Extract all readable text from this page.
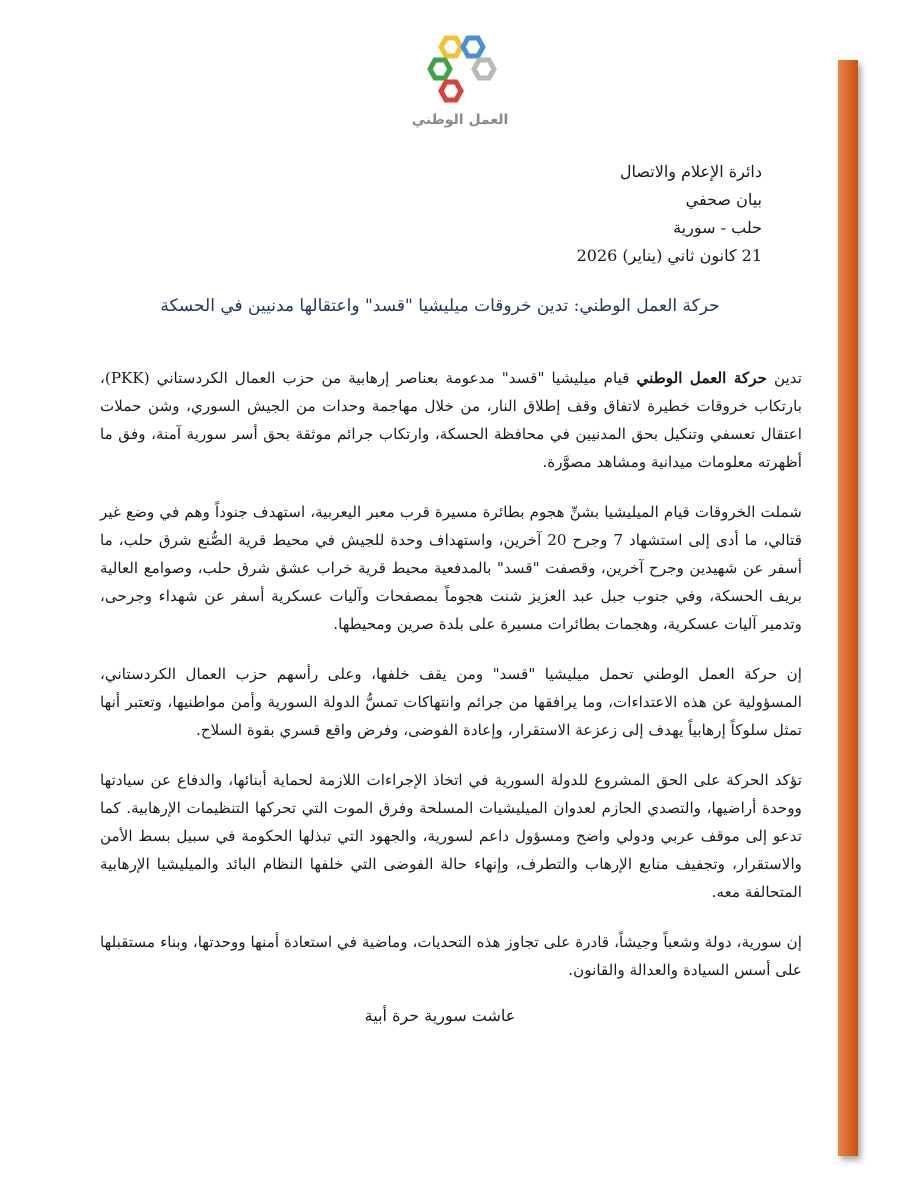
العمل الوطني
دائرة الإعلام والاتصال
بيان صحفي
حلب - سورية
21 كانون ثاني (يناير) 2026
حركة العمل الوطني: تدين خروقات ميليشيا "قسد" واعتقالها مدنيين في الحسكة

تدين حركة العمل الوطني قيام ميليشيا "قسد" مدعومة بعناصر إرهابية من حزب العمال الكردستاني (PKK)، بارتكاب خروقات خطيرة لاتفاق وقف إطلاق النار، من خلال مهاجمة وحدات من الجيش السوري، وشن حملات اعتقال تعسفي وتنكيل بحق المدنيين في محافظة الحسكة، وارتكاب جرائم موثقة بحق أسر سورية آمنة، وفق ما أظهرته معلومات ميدانية ومشاهد مصوَّرة.

شملت الخروقات قيام الميليشيا بشنِّ هجوم بطائرة مسيرة قرب معبر اليعربية، استهدف جنوداً وهم في وضع غير قتالي، ما أدى إلى استشهاد 7 وجرح 20 آخرين، واستهداف وحدة للجيش في محيط قرية الصُّنع شرق حلب، ما أسفر عن شهيدين وجرح آخرين، وقصفت "قسد" بالمدفعية محيط قرية خراب عشق شرق حلب، وصوامع العالية بريف الحسكة، وفي جنوب جبل عبد العزيز شنت هجوماً بمصفحات وآليات عسكرية أسفر عن شهداء وجرحى، وتدمير آليات عسكرية، وهجمات بطائرات مسيرة على بلدة صرين ومحيطها.

إن حركة العمل الوطني تحمل ميليشيا "قسد" ومن يقف خلفها، وعلى رأسهم حزب العمال الكردستاني، المسؤولية عن هذه الاعتداءات، وما يرافقها من جرائم وانتهاكات تمسُّ الدولة السورية وأمن مواطنيها، وتعتبر أنها تمثل سلوكاً إرهابياً يهدف إلى زعزعة الاستقرار، وإعادة الفوضى، وفرض واقع قسري بقوة السلاح.

تؤكد الحركة على الحق المشروع للدولة السورية في اتخاذ الإجراءات اللازمة لحماية أبنائها، والدفاع عن سيادتها ووحدة أراضيها، والتصدي الحازم لعدوان الميليشيات المسلحة وفرق الموت التي تحركها التنظيمات الإرهابية. كما تدعو إلى موقف عربي ودولي واضح ومسؤول داعم لسورية، والجهود التي تبذلها الحكومة في سبيل بسط الأمن والاستقرار، وتجفيف منابع الإرهاب والتطرف، وإنهاء حالة الفوضى التي خلفها النظام البائد والميليشيا الإرهابية المتحالفة معه.

إن سورية، دولة وشعباً وجيشاً، قادرة على تجاوز هذه التحديات، وماضية في استعادة أمنها ووحدتها، وبناء مستقبلها على أسس السيادة والعدالة والقانون.

عاشت سورية حرة أبية
